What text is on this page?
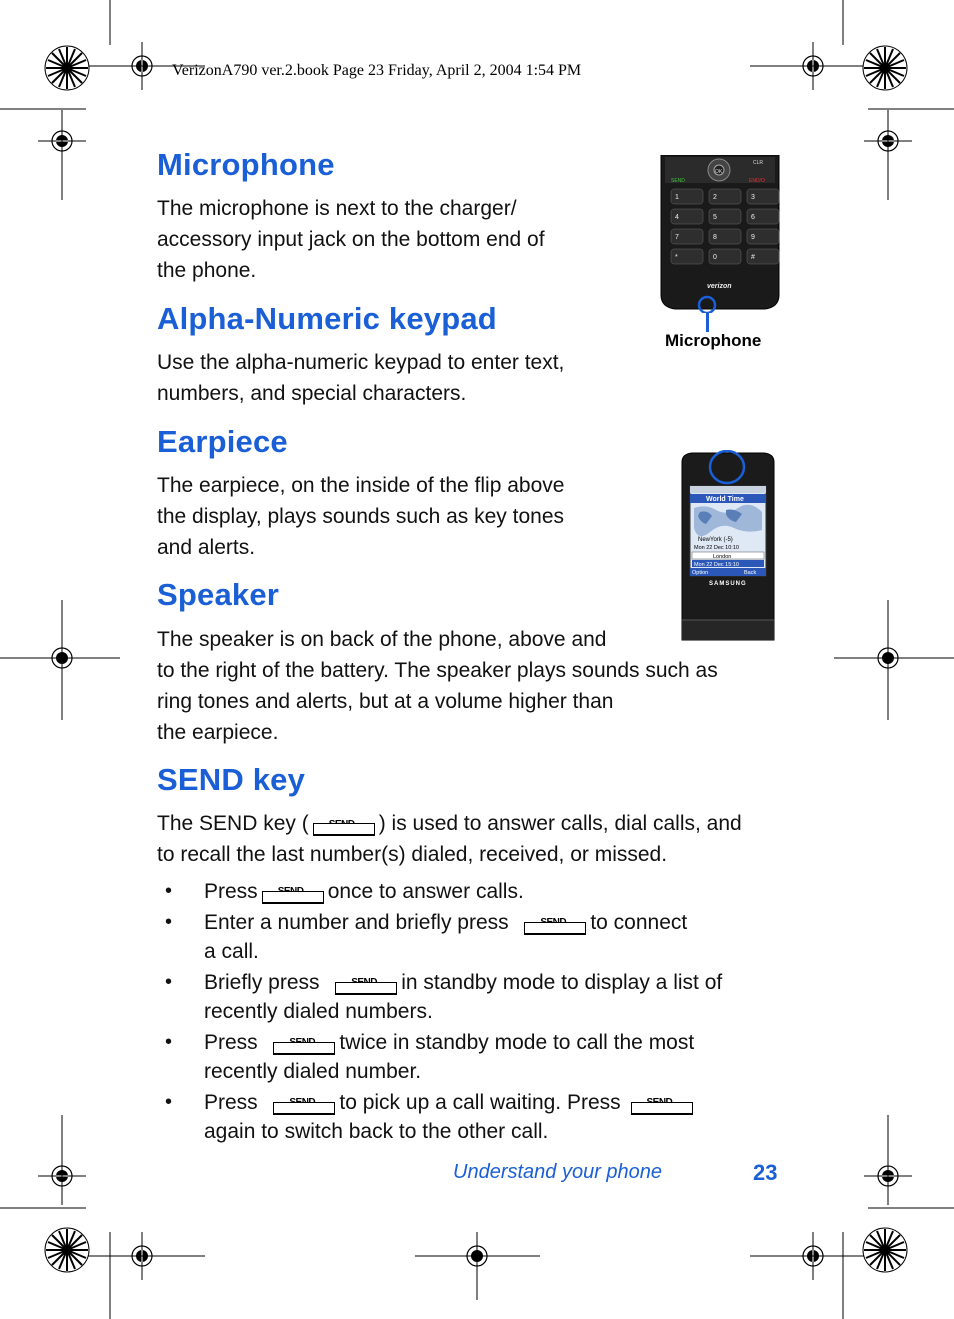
VerizonA790 ver.2.book Page 23 Friday, April 2, 2004 1:54 PM
Microphone

The microphone is next to the charger/
accessory input jack on the bottom end of
the phone.

OK
SEND	END/O
CLR
1	2	3
4	5	6
7	8	9
*	0	#
verizon
Microphone
Alpha-Numeric keypad

Use the alpha-numeric keypad to enter text,
numbers, and special characters.

Earpiece

The earpiece, on the inside of the flip above
the display, plays sounds such as key tones
and alerts.

World Time
NewYork (-5)
Mon 22 Dec 10:10
London
Mon 22 Dec 15:10
Option	Back
SAMSUNG
Speaker

The speaker is on back of the phone, above and
to the right of the battery. The speaker plays sounds such as
ring tones and alerts, but at a volume higher than
the earpiece.

SEND key

The SEND key (	) is used to answer calls, dial calls, and
to recall the last number(s) dialed, received, or missed.

•	Press	once to answer calls.
•	Enter a number and briefly press	to connect
a call.
•	Briefly press	in standby mode to display a list of
recently dialed numbers.
•	Press	twice in standby mode to call the most
recently dialed number.
•	Press	to pick up a call waiting. Press
again to switch back to the other call.
Understand your phone	23
